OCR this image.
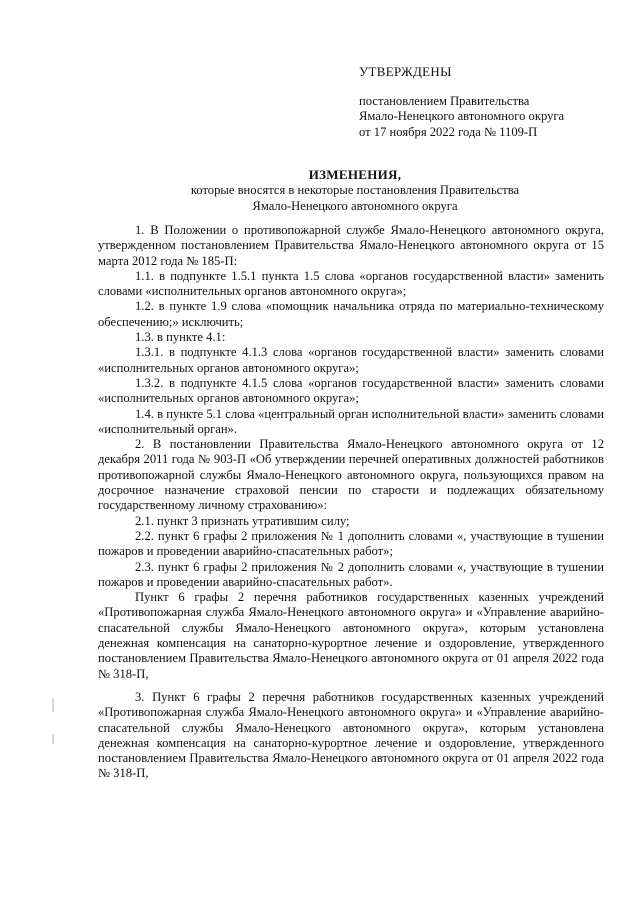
УТВЕРЖДЕНЫ
постановлением Правительства
Ямало-Ненецкого автономного округа
от 17 ноября 2022 года № 1109-П
ИЗМЕНЕНИЯ,
которые вносятся в некоторые постановления Правительства
Ямало-Ненецкого автономного округа

1. В Положении о противопожарной службе Ямало-Ненецкого автономного округа, утвержденном постановлением Правительства Ямало-Ненецкого автономного округа от 15 марта 2012 года № 185-П:

1.1. в подпункте 1.5.1 пункта 1.5 слова «органов государственной власти» заменить словами «исполнительных органов автономного округа»;

1.2. в пункте 1.9 слова «помощник начальника отряда по материально-техническому обеспечению;» исключить;

1.3. в пункте 4.1:

1.3.1. в подпункте 4.1.3 слова «органов государственной власти» заменить словами «исполнительных органов автономного округа»;

1.3.2. в подпункте 4.1.5 слова «органов государственной власти» заменить словами «исполнительных органов автономного округа»;

1.4. в пункте 5.1 слова «центральный орган исполнительной власти» заменить словами «исполнительный орган».

2. В постановлении Правительства Ямало-Ненецкого автономного округа от 12 декабря 2011 года № 903-П «Об утверждении перечней оперативных должностей работников противопожарной службы Ямало-Ненецкого автономного округа, пользующихся правом на досрочное назначение страховой пенсии по старости и подлежащих обязательному государственному личному страхованию»:

2.1. пункт 3 признать утратившим силу;

2.2. пункт 6 графы 2 приложения № 1 дополнить словами «, участвующие в тушении пожаров и проведении аварийно-спасательных работ»;

2.3. пункт 6 графы 2 приложения № 2 дополнить словами «, участвующие в тушении пожаров и проведении аварийно-спасательных работ».

Пункт 6 графы 2 перечня работников государственных казенных учреждений «Противопожарная служба Ямало-Ненецкого автономного округа» и «Управление аварийно-спасательной службы Ямало-Ненецкого автономного округа», которым установлена денежная компенсация на санаторно-курортное лечение и оздоровление, утвержденного постановлением Правительства Ямало-Ненецкого автономного округа от 01 апреля 2022 года № 318-П,

3. Пункт 6 графы 2 перечня работников государственных казенных учреждений «Противопожарная служба Ямало-Ненецкого автономного округа» и «Управление аварийно-спасательной службы Ямало-Ненецкого автономного округа», которым установлена денежная компенсация на санаторно-курортное лечение и оздоровление, утвержденного постановлением Правительства Ямало-Ненецкого автономного округа от 01 апреля 2022 года № 318-П,
